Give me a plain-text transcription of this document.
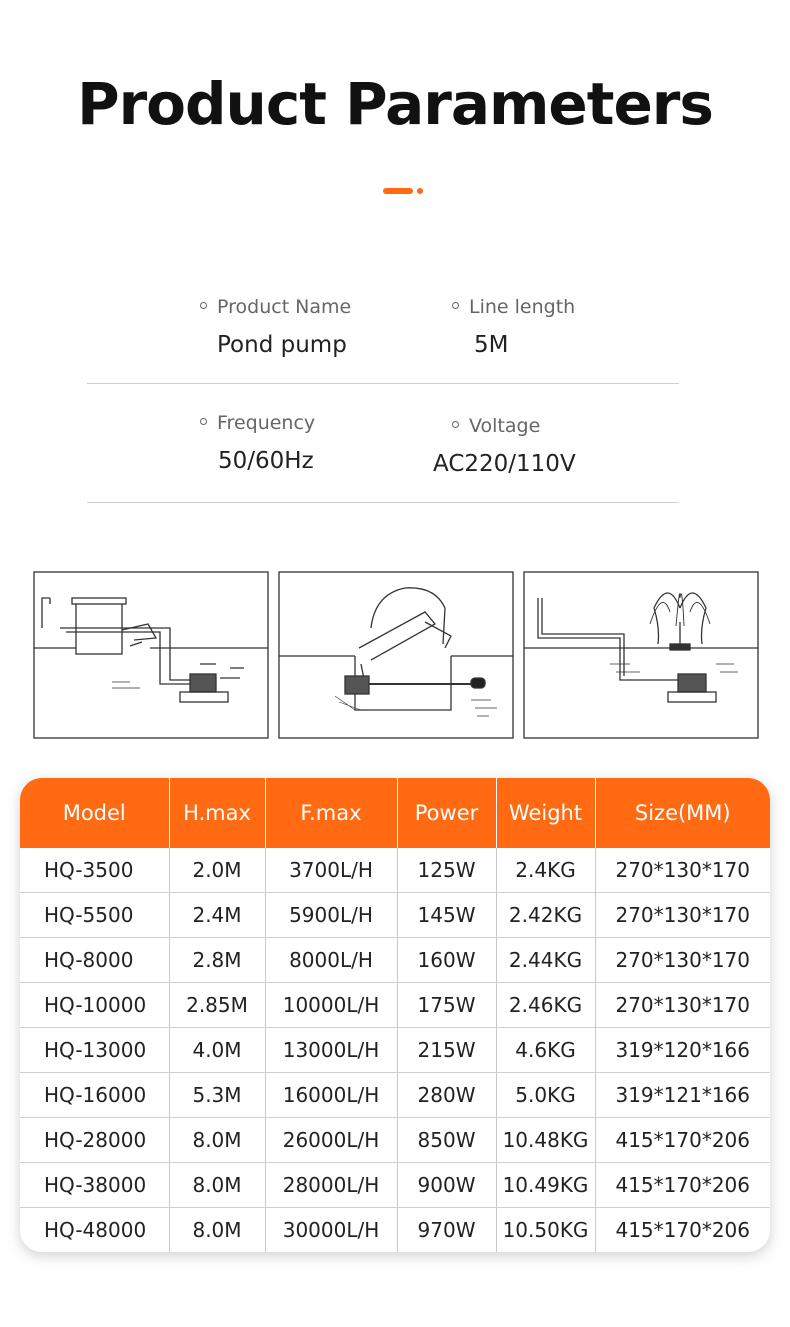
Product Parameters
Product Name
Pond pump
Line length
5M
Frequency
50/60Hz
Voltage
AC220/110V
Model	H.max	F.max	Power	Weight	Size(MM)
HQ-3500	2.0M	3700L/H	125W	2.4KG	270*130*170
HQ-5500	2.4M	5900L/H	145W	2.42KG	270*130*170
HQ-8000	2.8M	8000L/H	160W	2.44KG	270*130*170
HQ-10000	2.85M	10000L/H	175W	2.46KG	270*130*170
HQ-13000	4.0M	13000L/H	215W	4.6KG	319*120*166
HQ-16000	5.3M	16000L/H	280W	5.0KG	319*121*166
HQ-28000	8.0M	26000L/H	850W	10.48KG	415*170*206
HQ-38000	8.0M	28000L/H	900W	10.49KG	415*170*206
HQ-48000	8.0M	30000L/H	970W	10.50KG	415*170*206
